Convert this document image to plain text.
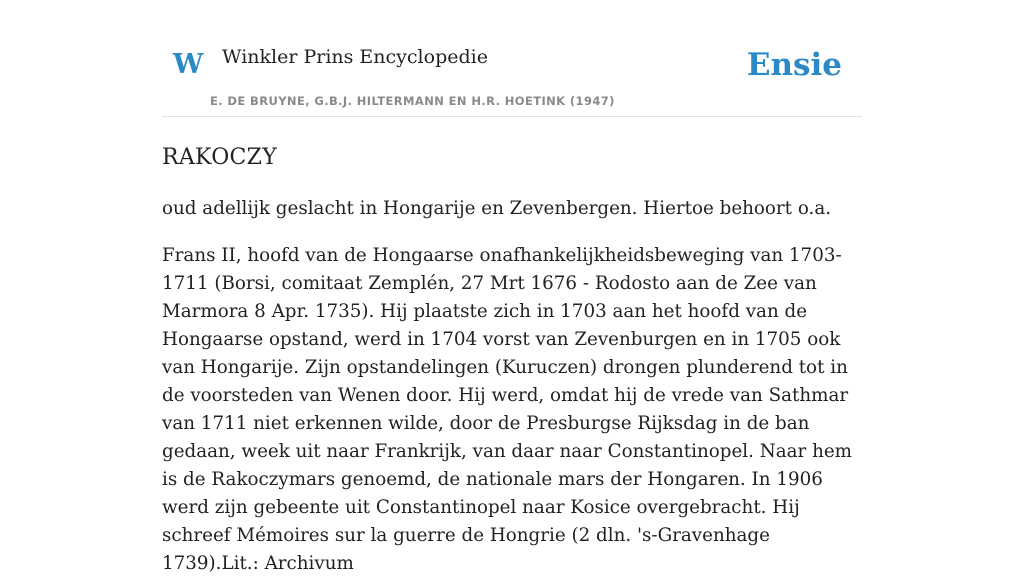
W Winkler Prins Encyclopedie
E. DE BRUYNE, G.B.J. HILTERMANN EN H.R. HOETINK (1947)
Ensie
RAKOCZY

oud adellijk geslacht in Hongarije en Zevenbergen. Hiertoe behoort o.a.

Frans II, hoofd van de Hongaarse onafhankelijkheidsbeweging van 1703-1711 (Borsi, comitaat Zemplén, 27 Mrt 1676 - Rodosto aan de Zee van Marmora 8 Apr. 1735). Hij plaatste zich in 1703 aan het hoofd van de Hongaarse opstand, werd in 1704 vorst van Zevenburgen en in 1705 ook van Hongarije. Zijn opstandelingen (Kuruczen) drongen plunderend tot in de voorsteden van Wenen door. Hij werd, omdat hij de vrede van Sathmar van 1711 niet erkennen wilde, door de Presburgse Rijksdag in de ban gedaan, week uit naar Frankrijk, van daar naar Constantinopel. Naar hem is de Rakoczymars genoemd, de nationale mars der Hongaren. In 1906 werd zijn gebeente uit Constantinopel naar Kosice overgebracht. Hij schreef Mémoires sur la guerre de Hongrie (2 dln. 's-Gravenhage 1739).Lit.: Archivum
